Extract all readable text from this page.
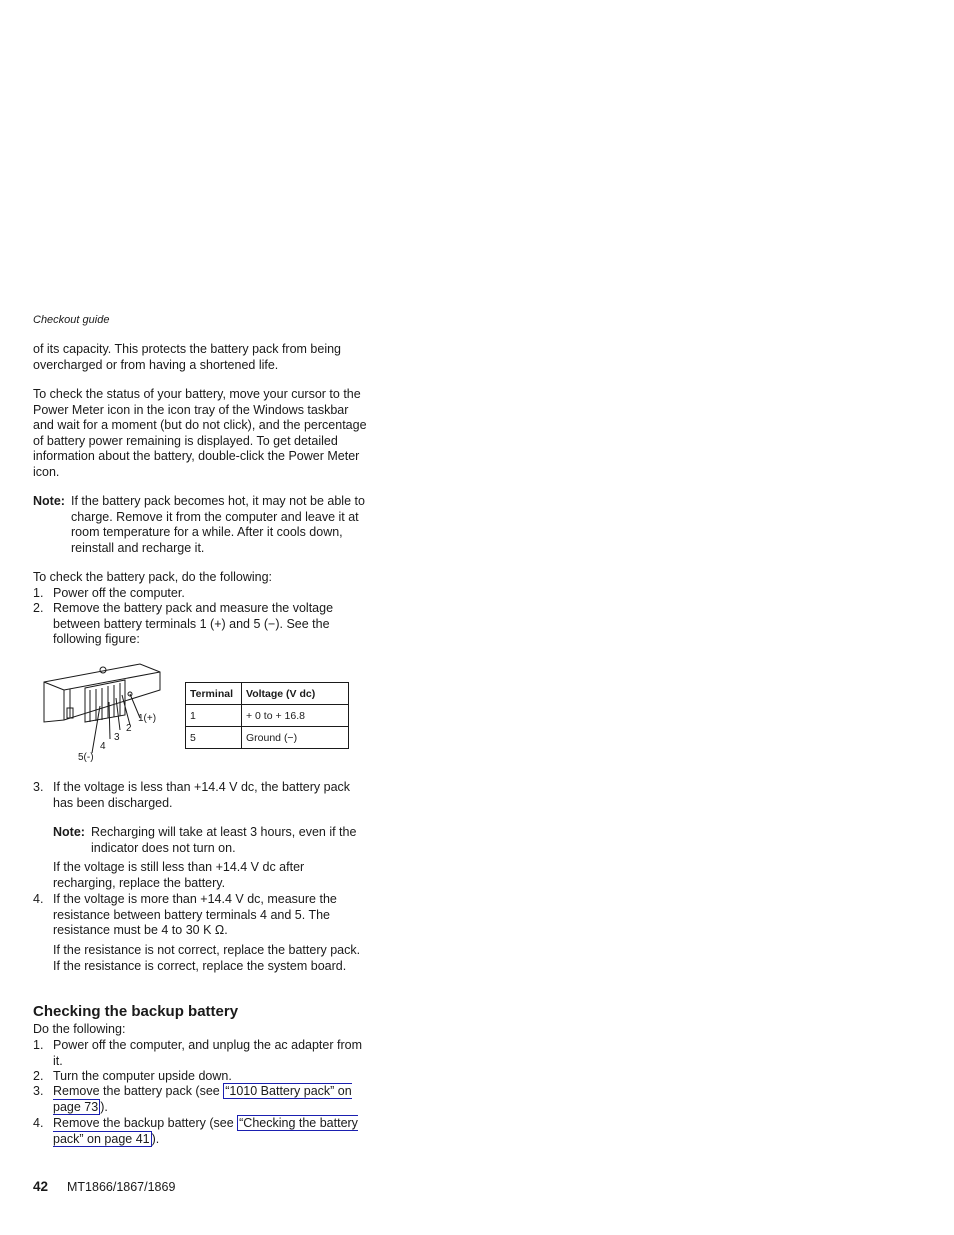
Checkout guide
of its capacity. This protects the battery pack from being overcharged or from having a shortened life.
To check the status of your battery, move your cursor to the Power Meter icon in the icon tray of the Windows taskbar and wait for a moment (but do not click), and the percentage of battery power remaining is displayed. To get detailed information about the battery, double-click the Power Meter icon.
Note: If the battery pack becomes hot, it may not be able to charge. Remove it from the computer and leave it at room temperature for a while. After it cools down, reinstall and recharge it.
To check the battery pack, do the following:
1. Power off the computer.
2. Remove the battery pack and measure the voltage between battery terminals 1 (+) and 5 (−). See the following figure:
1(+)
2
3
4
5(-)
Terminal	Voltage (V dc)
1	+ 0 to + 16.8
5	Ground (−)
3. If the voltage is less than +14.4 V dc, the battery pack has been discharged.
Note: Recharging will take at least 3 hours, even if the indicator does not turn on.
If the voltage is still less than +14.4 V dc after recharging, replace the battery.
4. If the voltage is more than +14.4 V dc, measure the resistance between battery terminals 4 and 5. The resistance must be 4 to 30 K Ω.
If the resistance is not correct, replace the battery pack. If the resistance is correct, replace the system board.
Checking the backup battery
Do the following:
1. Power off the computer, and unplug the ac adapter from it.
2. Turn the computer upside down.
3. Remove the battery pack (see “1010 Battery pack” on page 73 ).
4. Remove the backup battery (see “Checking the battery pack” on page 41 ).
42 MT1866/1867/1869
